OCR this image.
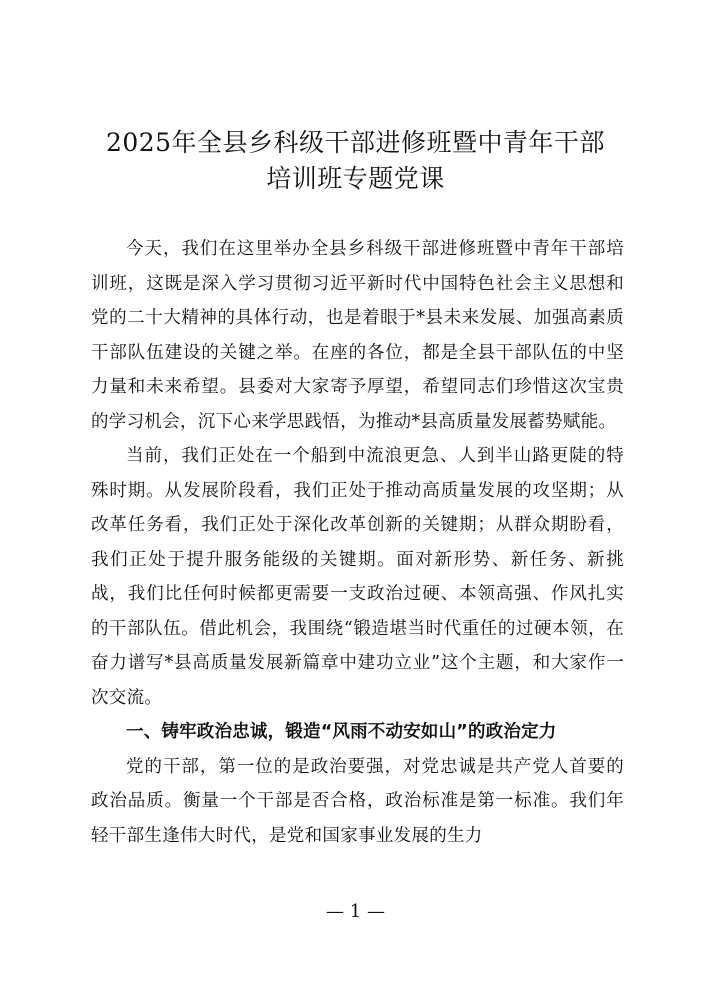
2025年全县乡科级干部进修班暨中青年干部
培训班专题党课

今天，我们在这里举办全县乡科级干部进修班暨中青年干部培训班，这既是深入学习贯彻习近平新时代中国特色社会主义思想和党的二十大精神的具体行动，也是着眼于*县未来发展、加强高素质干部队伍建设的关键之举。在座的各位，都是全县干部队伍的中坚力量和未来希望。县委对大家寄予厚望，希望同志们珍惜这次宝贵的学习机会，沉下心来学思践悟，为推动*县高质量发展蓄势赋能。

当前，我们正处在一个船到中流浪更急、人到半山路更陡的特殊时期。从发展阶段看，我们正处于推动高质量发展的攻坚期；从改革任务看，我们正处于深化改革创新的关键期；从群众期盼看，我们正处于提升服务能级的关键期。面对新形势、新任务、新挑战，我们比任何时候都更需要一支政治过硬、本领高强、作风扎实的干部队伍。借此机会，我围绕“锻造堪当时代重任的过硬本领，在奋力谱写*县高质量发展新篇章中建功立业”这个主题，和大家作一次交流。

一、铸牢政治忠诚，锻造“风雨不动安如山”的政治定力

党的干部，第一位的是政治要强，对党忠诚是共产党人首要的政治品质。衡量一个干部是否合格，政治标准是第一标准。我们年轻干部生逢伟大时代，是党和国家事业发展的生力

— 1 —
